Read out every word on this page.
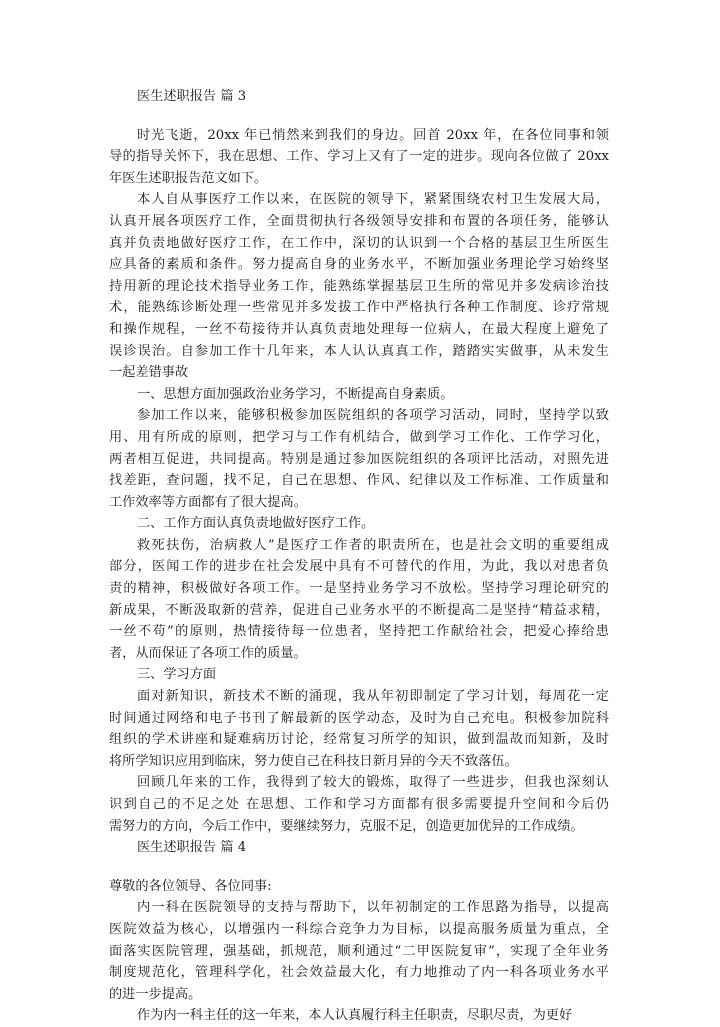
医生述职报告 篇 3
时光飞逝，20xx 年已悄然来到我们的身边。回首 20xx 年，在各位同事和领
导的指导关怀下，我在思想、工作、学习上又有了一定的进步。现向各位做了 20xx
年医生述职报告范文如下。
本人自从事医疗工作以来，在医院的领导下，紧紧围绕农村卫生发展大局，
认真开展各项医疗工作，全面贯彻执行各级领导安排和布置的各项任务，能够认
真并负责地做好医疗工作，在工作中，深切的认识到一个合格的基层卫生所医生
应具备的素质和条件。努力提高自身的业务水平，不断加强业务理论学习始终坚
持用新的理论技术指导业务工作，能熟练掌握基层卫生所的常见并多发病诊治技
术，能熟练诊断处理一些常见并多发拔工作中严格执行各种工作制度、诊疗常规
和操作规程，一丝不苟接待并认真负责地处理每一位病人，在最大程度上避免了
误诊误治。自参加工作十几年来，本人认认真真工作，踏踏实实做事，从未发生
一起差错事故
一、思想方面加强政治业务学习，不断提高自身素质。
参加工作以来，能够积极参加医院组织的各项学习活动，同时，坚持学以致
用、用有所成的原则，把学习与工作有机结合，做到学习工作化、工作学习化，
两者相互促进，共同提高。特别是通过参加医院组织的各项评比活动，对照先进
找差距，查问题，找不足，自己在思想、作风、纪律以及工作标准、工作质量和
工作效率等方面都有了很大提高。
二、工作方面认真负责地做好医疗工作。
救死扶伤，治病救人”是医疗工作者的职责所在，也是社会文明的重要组成
部分，医闻工作的进步在社会发展中具有不可替代的作用，为此，我以对患者负
责的精神，积极做好各项工作。一是坚持业务学习不放松。坚持学习理论研究的
新成果，不断汲取新的营养，促进自己业务水平的不断提高二是坚持“精益求精，
一丝不苟”的原则，热情接待每一位患者，坚持把工作献给社会，把爱心捧给患
者，从而保证了各项工作的质量。
三、学习方面
面对新知识，新技术不断的涌现，我从年初即制定了学习计划，每周花一定
时间通过网络和电子书刊了解最新的医学动态，及时为自己充电。积极参加院科
组织的学术讲座和疑难病历讨论，经常复习所学的知识，做到温故而知新，及时
将所学知识应用到临床，努力使自己在科技日新月异的今天不致落伍。
回顾几年来的工作，我得到了较大的锻炼，取得了一些进步，但我也深刻认
识到自己的不足之处 在思想、工作和学习方面都有很多需要提升空间和今后仍
需努力的方向，今后工作中，要继续努力，克服不足，创造更加优异的工作成绩。
医生述职报告 篇 4
尊敬的各位领导、各位同事:
内一科在医院领导的支持与帮助下，以年初制定的工作思路为指导，以提高
医院效益为核心，以增强内一科综合竞争力为目标，以提高服务质量为重点，全
面落实医院管理，强基础，抓规范，顺利通过“二甲医院复审”，实现了全年业务
制度规范化，管理科学化，社会效益最大化，有力地推动了内一科各项业务水平
的进一步提高。
作为内一科主任的这一年来，本人认真履行科主任职责，尽职尽责，为更好
